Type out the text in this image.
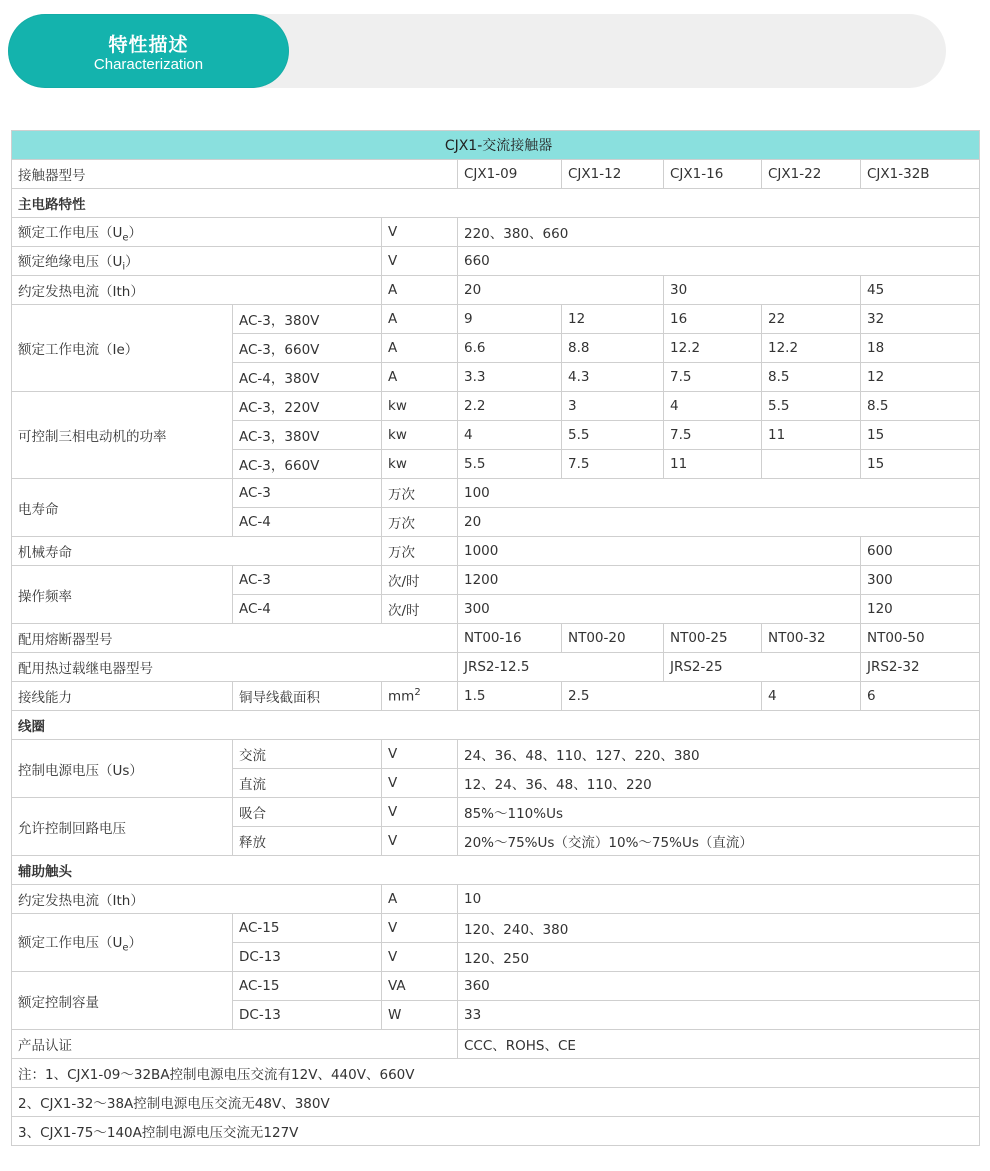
特性描述
Characterization
CJX1-交流接触器							
接触器型号			CJX1-09	CJX1-12	CJX1-16	CJX1-22	CJX1-32B
主电路特性							
额定工作电压$(U_e)$		V	220、380、660				
额定绝缘电压$(U_i)$		V	660				
约定发热电流（Ith）		A	20		30		45
额定工作电流（Ie）	AC-3，380V	A	9	12	16	22	32
	AC-3，660V	A	6.6	8.8	12.2	12.2	18
	AC-4，380V	A	3.3	4.3	7.5	8.5	12
可控制三相电动机的功率	AC-3，220V	kw	2.2	3	4	5.5	8.5
	AC-3，380V	kw	4	5.5	7.5	11	15
	AC-3，660V	kw	5.5	7.5	11		15
电寿命	AC-3	万次	100				
	AC-4	万次	20				
机械寿命		万次	1000				600
操作频率	AC-3	次/时	1200				300
	AC-4	次/时	300				120
配用熔断器型号			NT00-16	NT00-20	NT00-25	NT00-32	NT00-50
配用热过载继电器型号			JRS2-12.5		JRS2-25		JRS2-32
接线能力	铜导线截面积	$mm^2$	1.5	2.5		4	6
线圈							
控制电源电压（Us）	交流	V	24、36、48、110、127、220、380				
	直流	V	12、24、36、48、110、220				
允许控制回路电压	吸合	V	85%～110%Us				
	释放	V	20%～75%Us（交流）10%～75%Us（直流）				
辅助触头							
约定发热电流（Ith）		A	10				
额定工作电压$(U_e)$	AC-15	V	120、240、380				
	DC-13	V	120、250				
额定控制容量	AC-15	VA	360				
	DC-13	W	33				
产品认证			CCC、ROHS、CE				
注：1、CJX1-09～32BA控制电源电压交流有12V、440V、660V							
2、CJX1-32～38A控制电源电压交流无48V、380V							
3、CJX1-75～140A控制电源电压交流无127V							
